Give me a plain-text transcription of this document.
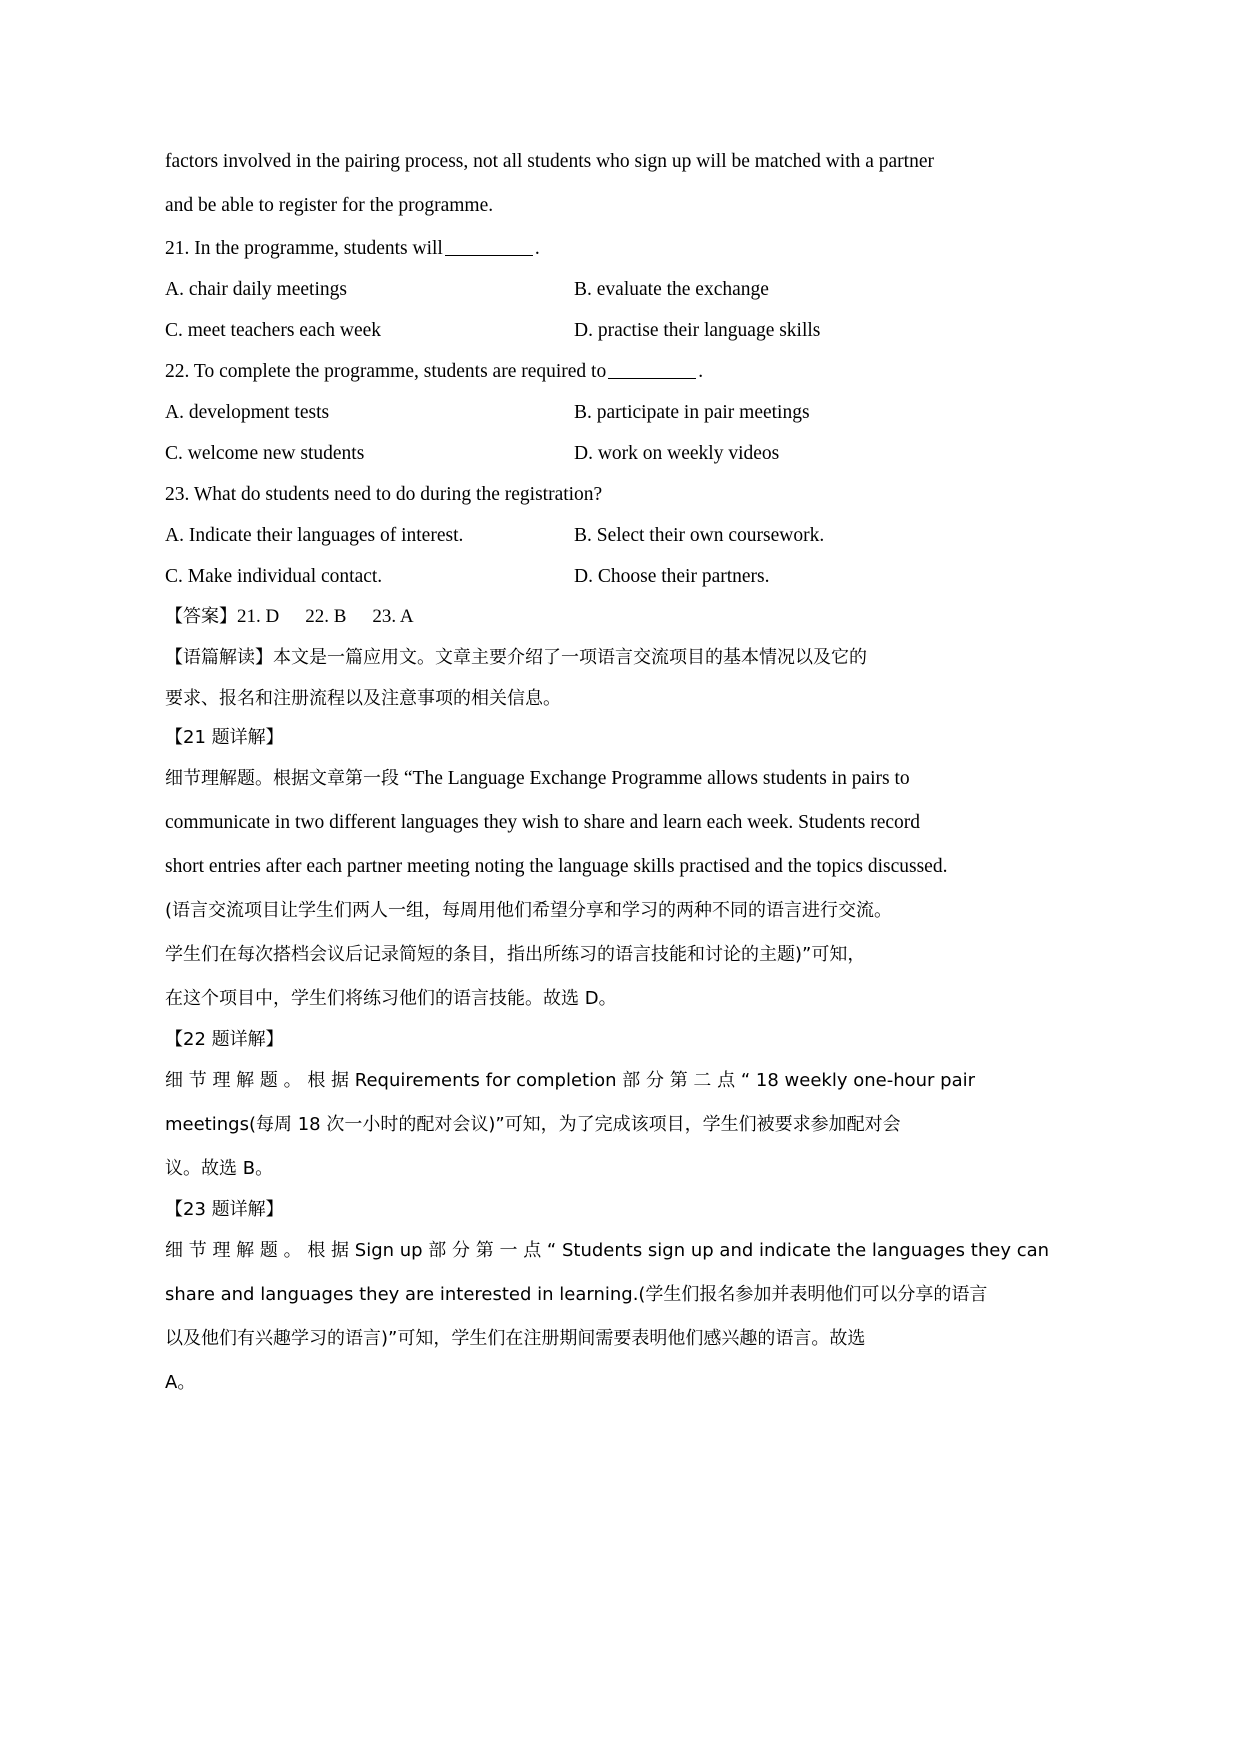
factors involved in the pairing process, not all students who sign up will be matched with a partner
and be able to register for the programme.
21. In the programme, students will	.
A. chair daily meetings	B. evaluate the exchange
C. meet teachers each week	D. practise their language skills
22. To complete the programme, students are required to	.
A. development tests	B. participate in pair meetings
C. welcome new students	D. work on weekly videos
23. What do students need to do during the registration?
A. Indicate their languages of interest.	B. Select their own coursework.
C. Make individual contact.	D. Choose their partners.
【答案】21. D 22. B 23. A
【语篇解读】本文是一篇应用文。文章主要介绍了一项语言交流项目的基本情况以及它的
要求、报名和注册流程以及注意事项的相关信息。
【21 题详解】
细节理解题。根据文章第一段 “The Language Exchange Programme allows students in pairs to
communicate in two different languages they wish to share and learn each week. Students record
short entries after each partner meeting noting the language skills practised and the topics discussed.
(语言交流项目让学生们两人一组，每周用他们希望分享和学习的两种不同的语言进行交流。
学生们在每次搭档会议后记录简短的条目，指出所练习的语言技能和讨论的主题)”可知，
在这个项目中，学生们将练习他们的语言技能。故选 D。
【22 题详解】
细 节 理 解 题 。 根 据 Requirements for completion 部 分 第 二 点 “ 18 weekly one-hour pair
meetings(每周 18 次一小时的配对会议)”可知，为了完成该项目，学生们被要求参加配对会
议。故选 B。
【23 题详解】
细 节 理 解 题 。 根 据 Sign up 部 分 第 一 点 “ Students sign up and indicate the languages they can
share and languages they are interested in learning.(学生们报名参加并表明他们可以分享的语言
以及他们有兴趣学习的语言)”可知，学生们在注册期间需要表明他们感兴趣的语言。故选
A。
